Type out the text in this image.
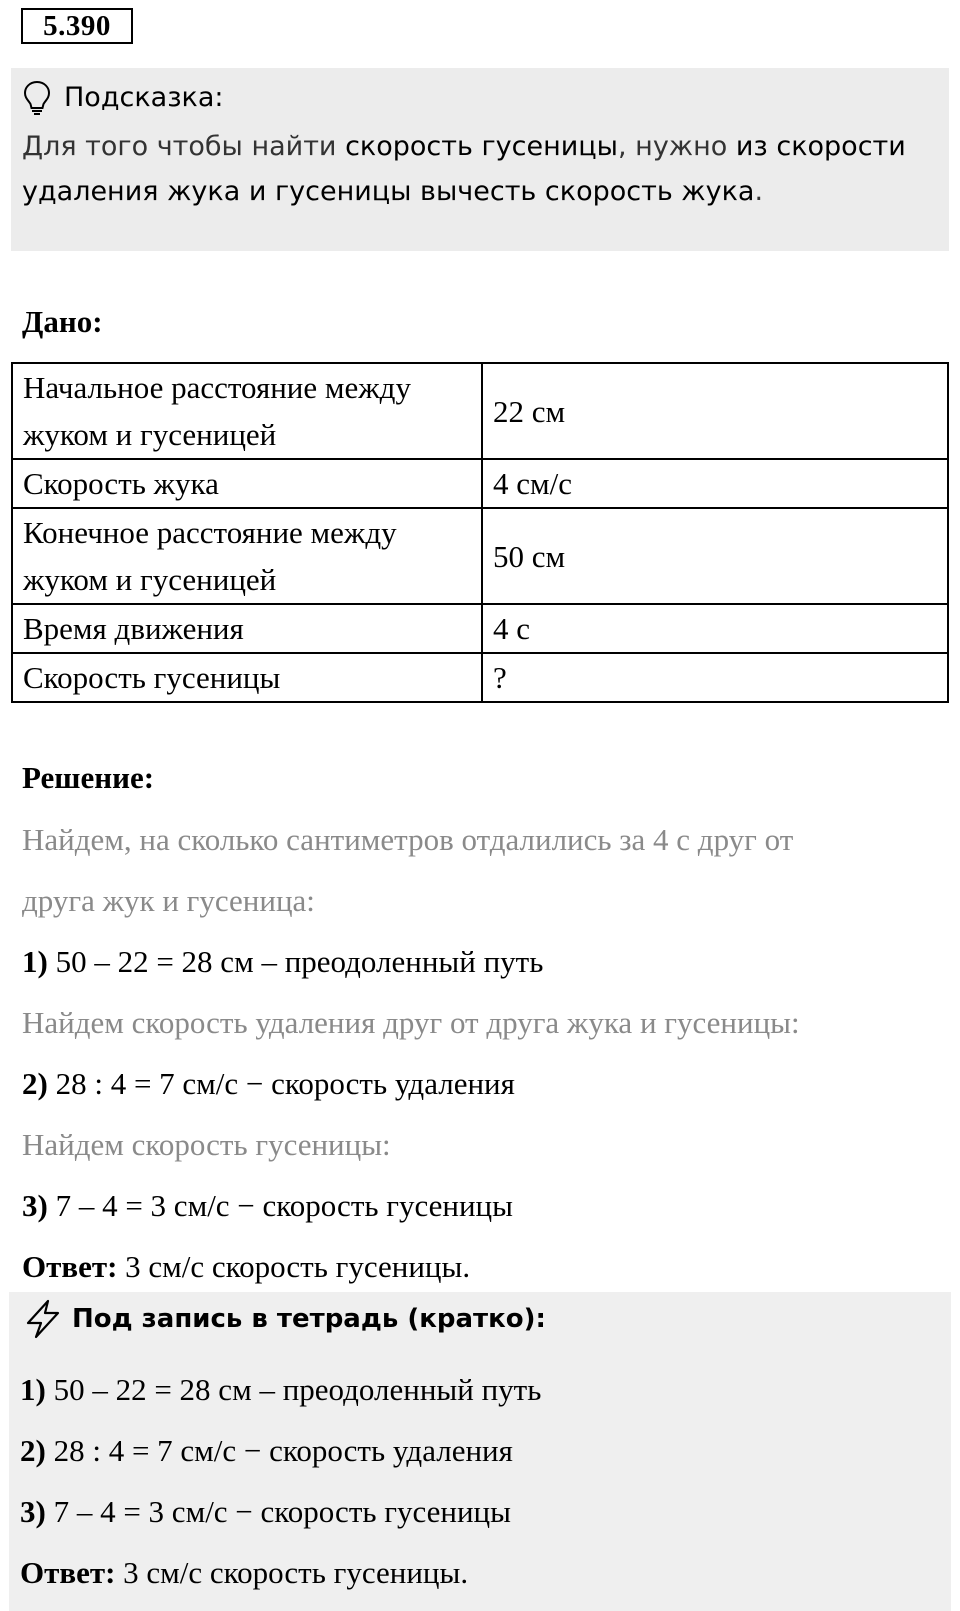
5.390
Подсказка:
Для того чтобы найти скорость гусеницы, нужно из скорости удаления жука и гусеницы вычесть скорость жука.
Дано:
Начальное расстояние между жуком и гусеницей	22 см
Скорость жука	4 см/с
Конечное расстояние между жуком и гусеницей	50 см
Время движения	4 с
Скорость гусеницы	?
Решение:
Найдем, на сколько сантиметров отдалились за 4 с друг от
друга жук и гусеница:
1) 50 – 22 = 28 см – преодоленный путь
Найдем скорость удаления друг от друга жука и гусеницы:
2) 28 : 4 = 7 см/с − скорость удаления
Найдем скорость гусеницы:
3) 7 – 4 = 3 см/с − скорость гусеницы
Ответ: 3 см/с скорость гусеницы.
Под запись в тетрадь (кратко):
1) 50 – 22 = 28 см – преодоленный путь
2) 28 : 4 = 7 см/с − скорость удаления
3) 7 – 4 = 3 см/с − скорость гусеницы
Ответ: 3 см/с скорость гусеницы.
